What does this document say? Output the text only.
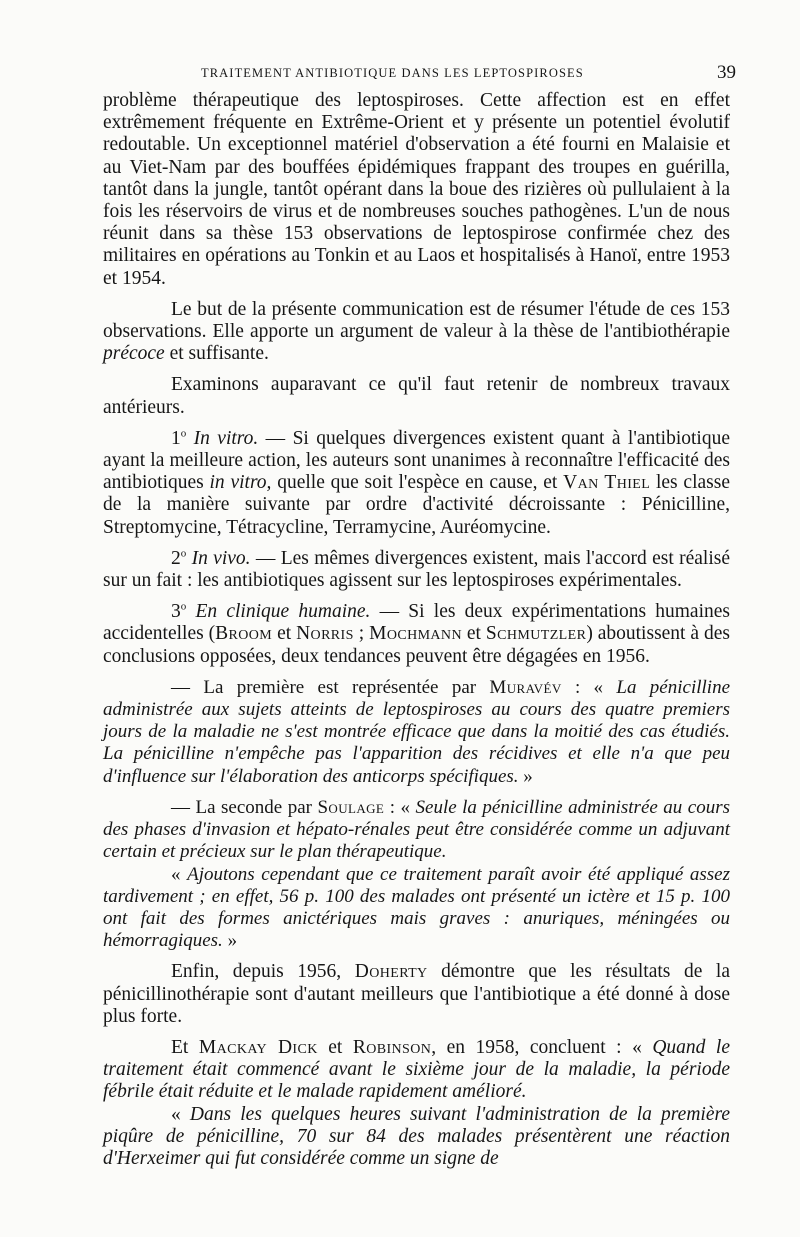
TRAITEMENT ANTIBIOTIQUE DANS LES LEPTOSPIROSES	39

problème thérapeutique des leptospiroses. Cette affection est en effet extrêmement fréquente en Extrême-Orient et y présente un potentiel évolutif redoutable. Un exceptionnel matériel d'observation a été fourni en Malaisie et au Viet-Nam par des bouffées épidémiques frappant des troupes en guérilla, tantôt dans la jungle, tantôt opérant dans la boue des rizières où pullulaient à la fois les réservoirs de virus et de nombreuses souches pathogènes. L'un de nous réunit dans sa thèse 153 observations de leptospirose confirmée chez des militaires en opérations au Tonkin et au Laos et hospitalisés à Hanoï, entre 1953 et 1954.

Le but de la présente communication est de résumer l'étude de ces 153 observations. Elle apporte un argument de valeur à la thèse de l'antibiothérapie précoce et suffisante.

Examinons auparavant ce qu'il faut retenir de nombreux travaux antérieurs.

1$^o$ In vitro. — Si quelques divergences existent quant à l'antibiotique ayant la meilleure action, les auteurs sont unanimes à reconnaître l'efficacité des antibiotiques in vitro, quelle que soit l'espèce en cause, et Van Thiel les classe de la manière suivante par ordre d'activité décroissante : Pénicilline, Streptomycine, Tétracycline, Terramycine, Auréomycine.

2$^o$ In vivo. — Les mêmes divergences existent, mais l'accord est réalisé sur un fait : les antibiotiques agissent sur les leptospiroses expérimentales.

3$^o$ En clinique humaine. — Si les deux expérimentations humaines accidentelles (Broom et Norris ; Mochmann et Schmutzler) aboutissent à des conclusions opposées, deux tendances peuvent être dégagées en 1956.

— La première est représentée par Muravév : « La pénicilline administrée aux sujets atteints de leptospiroses au cours des quatre premiers jours de la maladie ne s'est montrée efficace que dans la moitié des cas étudiés. La pénicilline n'empêche pas l'apparition des récidives et elle n'a que peu d'influence sur l'élaboration des anticorps spécifiques. »

— La seconde par Soulage : « Seule la pénicilline administrée au cours des phases d'invasion et hépato-rénales peut être considérée comme un adjuvant certain et précieux sur le plan thérapeutique.

« Ajoutons cependant que ce traitement paraît avoir été appliqué assez tardivement ; en effet, 56 p. 100 des malades ont présenté un ictère et 15 p. 100 ont fait des formes anictériques mais graves : anuriques, méningées ou hémorragiques. »

Enfin, depuis 1956, Doherty démontre que les résultats de la pénicillinothérapie sont d'autant meilleurs que l'antibiotique a été donné à dose plus forte.

Et Mackay Dick et Robinson, en 1958, concluent : « Quand le traitement était commencé avant le sixième jour de la maladie, la période fébrile était réduite et le malade rapidement amélioré.

« Dans les quelques heures suivant l'administration de la première piqûre de pénicilline, 70 sur 84 des malades présentèrent une réaction d'Herxeimer qui fut considérée comme un signe de
